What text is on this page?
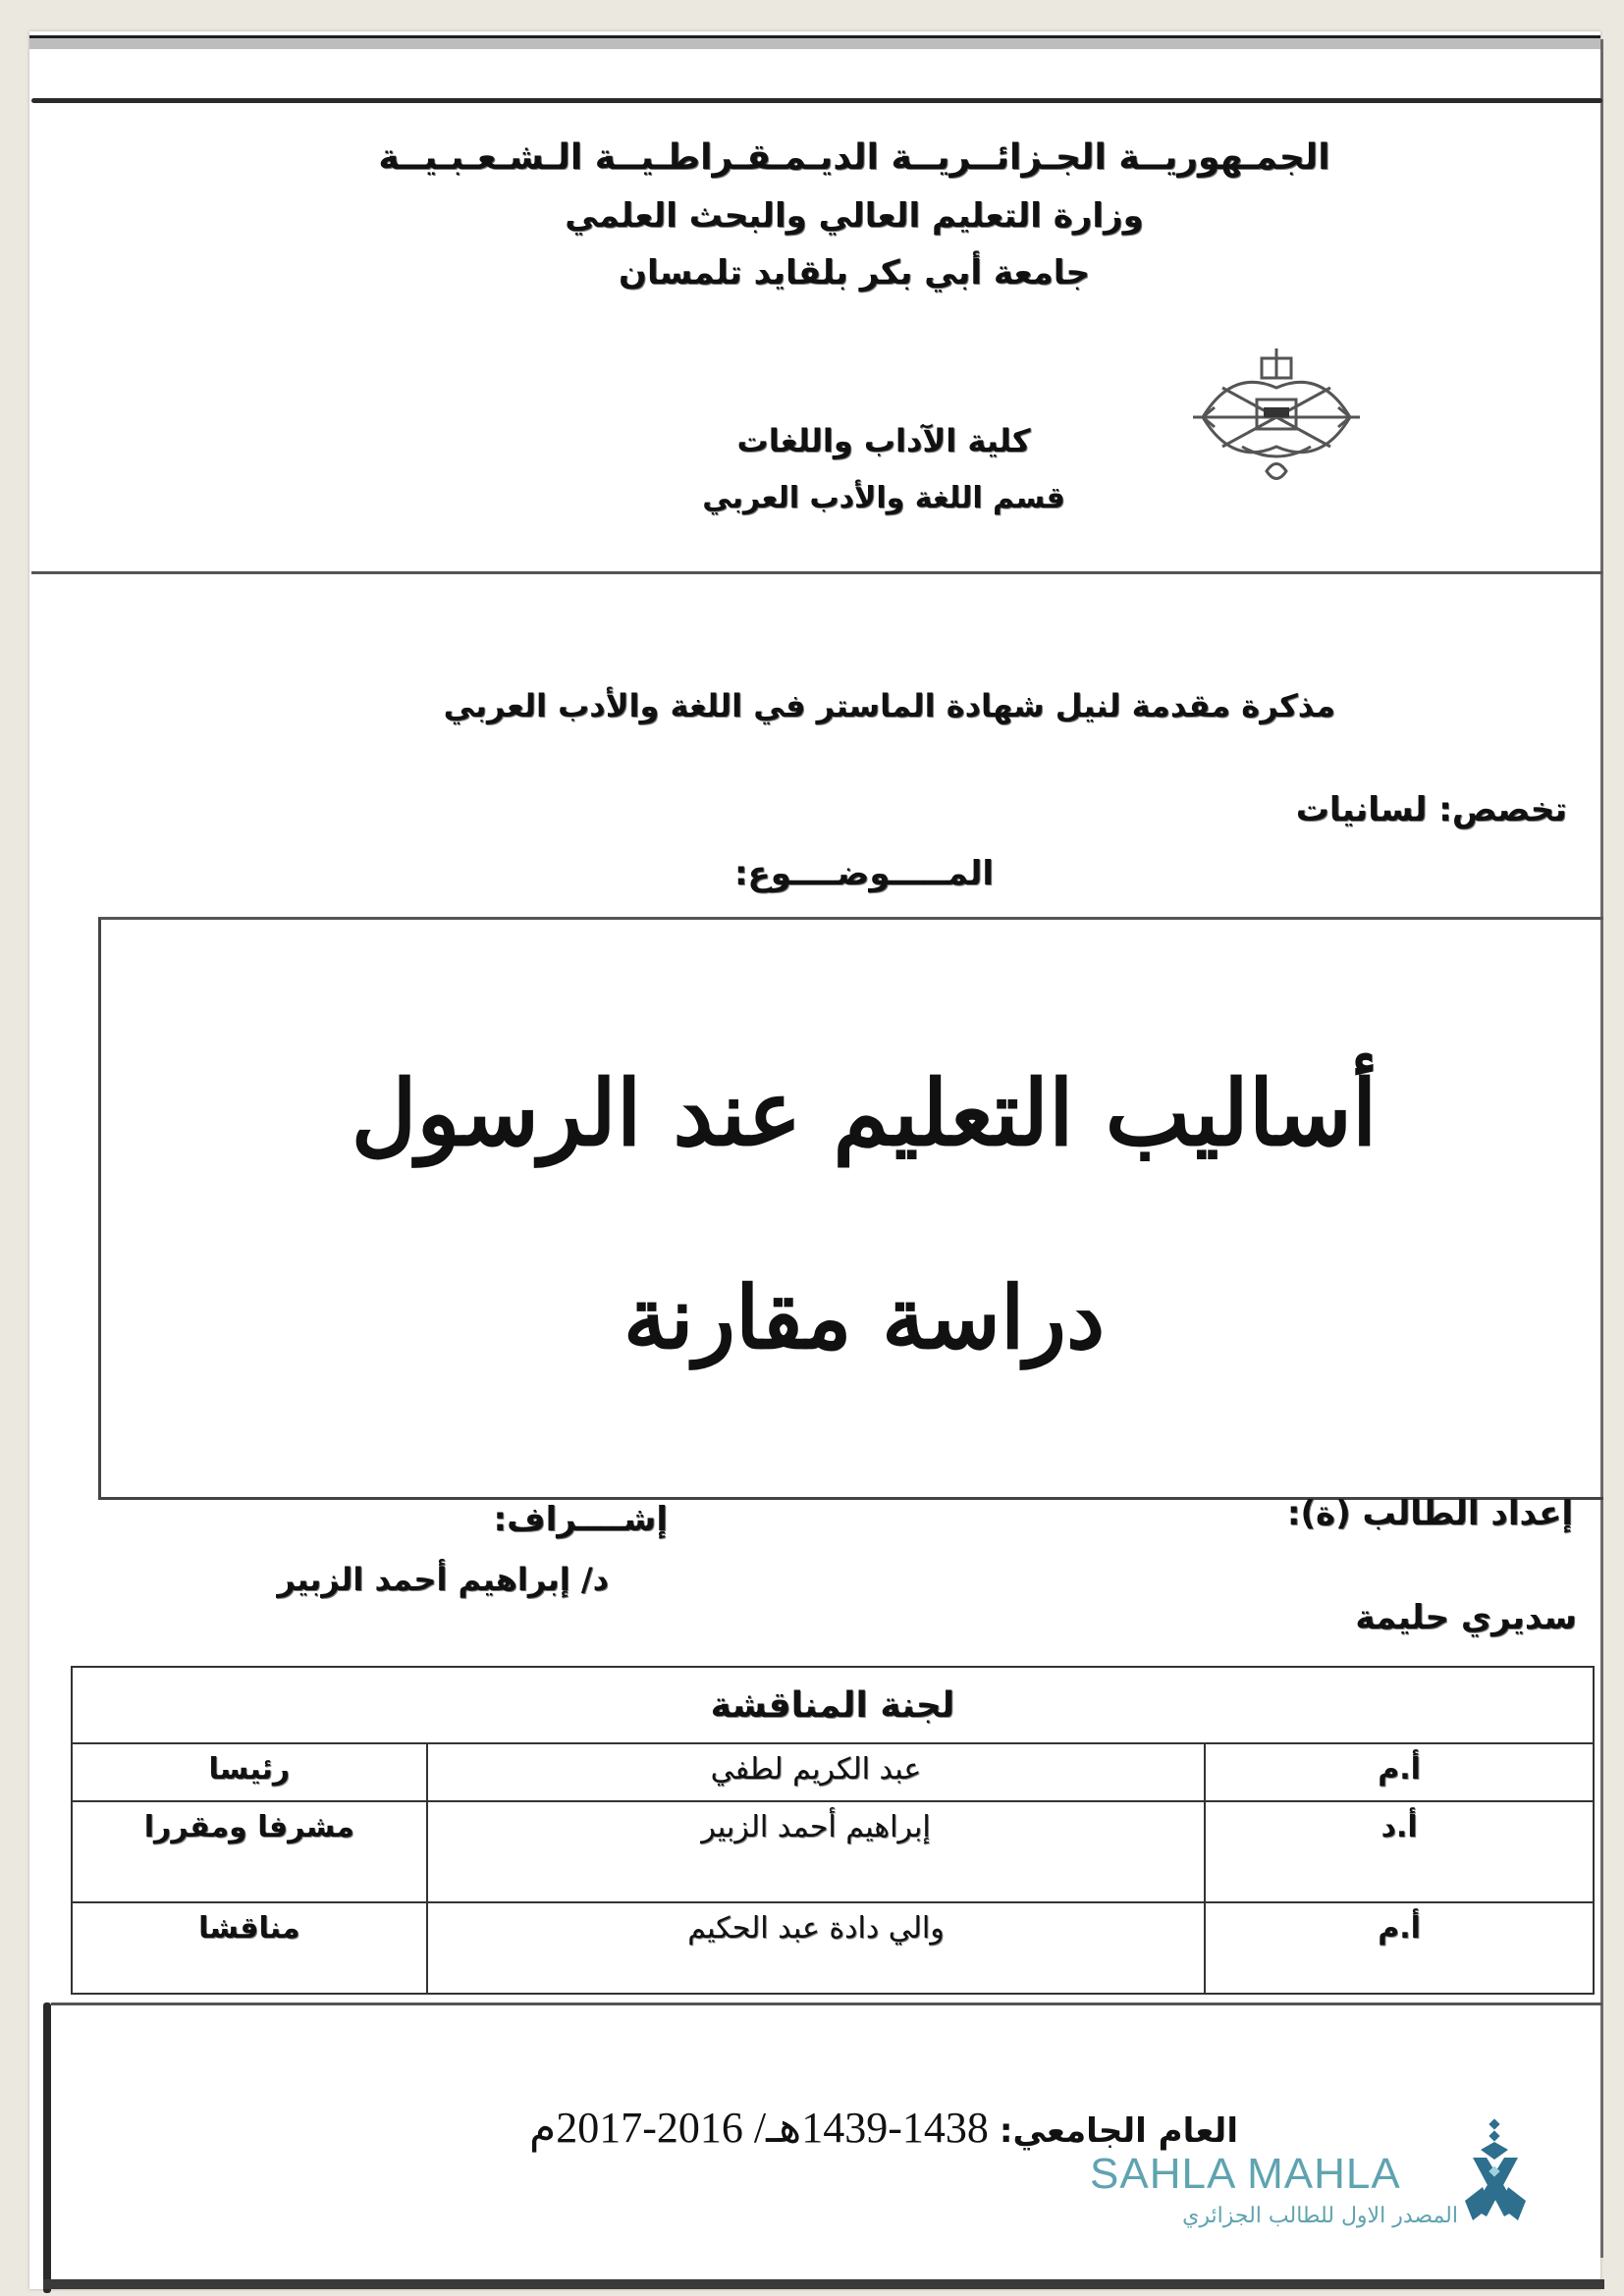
الجمـهوريــة الجـزائــريــة الديـمـقـراطـيــة الـشـعـبـيــة
وزارة التعليم العالي والبحث العلمي
جامعة أبي بكر بلقايد تلمسان
كلية الآداب واللغات
قسم اللغة والأدب العربي
مذكرة مقدمة لنيل شهادة الماستر في اللغة والأدب العربي
تخصص: لسانيات
المـــــوضــــوع:
أساليب التعليم عند الرسول
دراسة مقارنة
إعداد الطالب (ة):
إشــــراف:
د/ إبراهيم أحمد الزبير
سديري حليمة
لجنة المناقشة		
أ.م	عبد الكريم لطفي	رئيسا
أ.د	إبراهيم أحمد الزبير	مشرفا ومقررا
أ.م	والي دادة عبد الحكيم	مناقشا
العام الجامعي: 1438-1439هـ/ 2016-2017م
SAHLA MAHLA
المصدر الاول للطالب الجزائري
